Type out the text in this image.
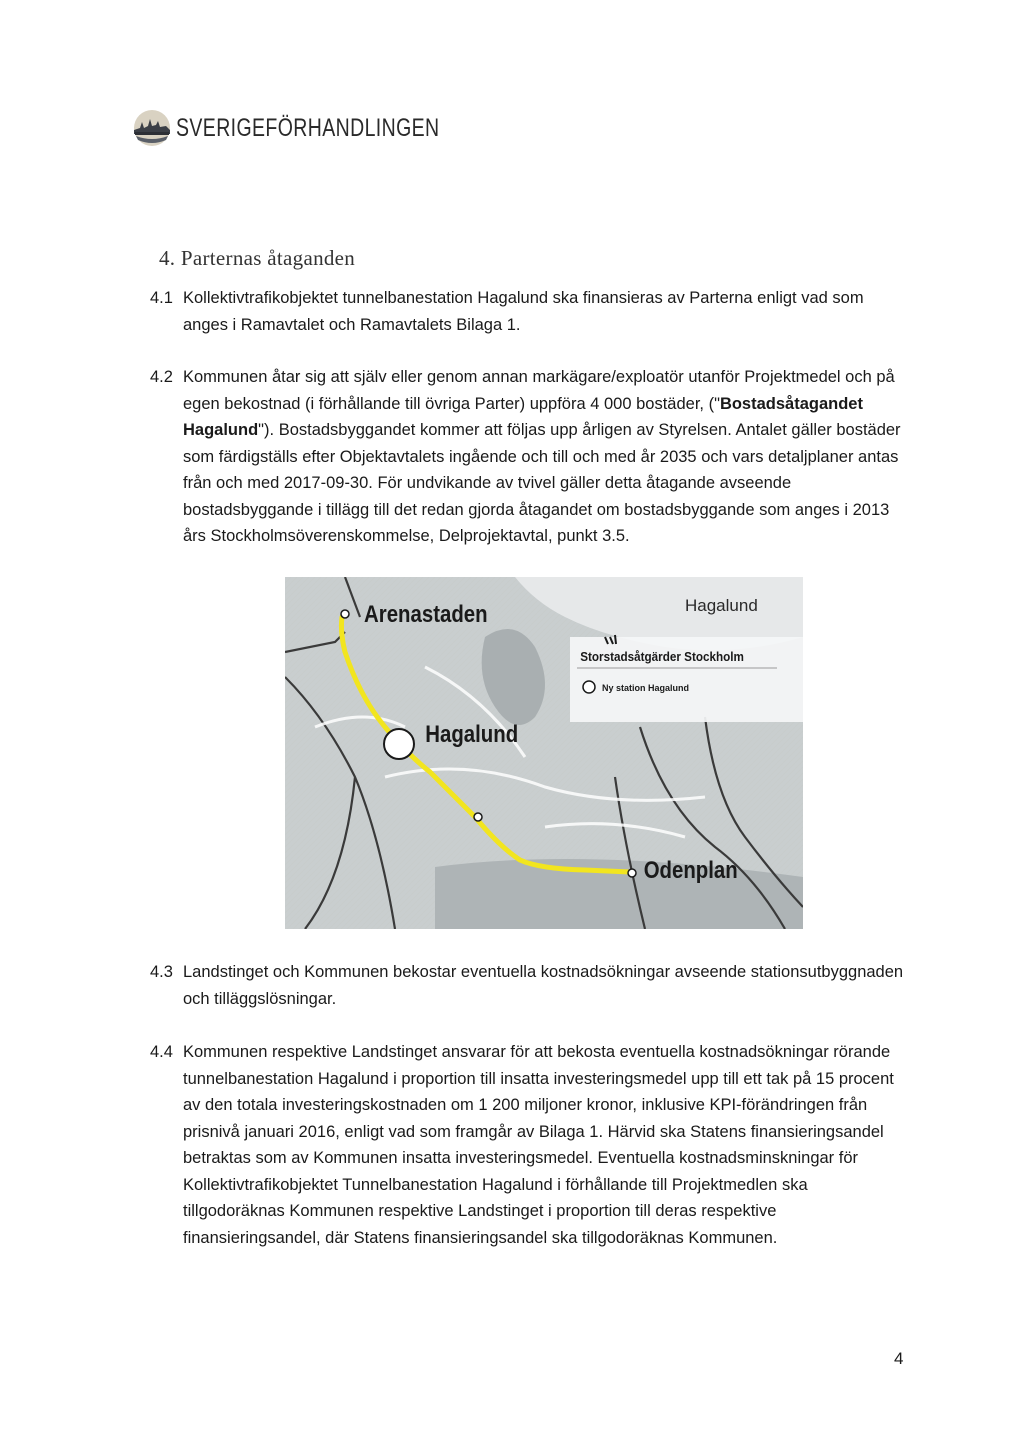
SVERIGEFÖRHANDLINGEN
4. Parternas åtaganden
4.1 Kollektivtrafikobjektet tunnelbanestation Hagalund ska finansieras av Parterna enligt vad som anges i Ramavtalet och Ramavtalets Bilaga 1.
4.2 Kommunen åtar sig att själv eller genom annan markägare/exploatör utanför Projektmedel och på egen bekostnad (i förhållande till övriga Parter) uppföra 4 000 bostäder, ("Bostadsåtagandet Hagalund"). Bostadsbyggandet kommer att följas upp årligen av Styrelsen. Antalet gäller bostäder som färdigställs efter Objektavtalets ingående och till och med år 2035 och vars detaljplaner antas från och med 2017-09-30. För undvikande av tvivel gäller detta åtagande avseende bostadsbyggande i tillägg till det redan gjorda åtagandet om bostadsbyggande som anges i 2013 års Stockholmsöverenskommelse, Delprojektavtal, punkt 3.5.
Arenastaden
Hagalund
Odenplan
Hagalund
Storstadsåtgärder Stockholm
Ny station Hagalund
4.3 Landstinget och Kommunen bekostar eventuella kostnadsökningar avseende stationsutbyggnaden och tilläggslösningar.
4.4 Kommunen respektive Landstinget ansvarar för att bekosta eventuella kostnadsökningar rörande tunnelbanestation Hagalund i proportion till insatta investeringsmedel upp till ett tak på 15 procent av den totala investeringskostnaden om 1 200 miljoner kronor, inklusive KPI-förändringen från prisnivå januari 2016, enligt vad som framgår av Bilaga 1. Härvid ska Statens finansieringsandel betraktas som av Kommunen insatta investeringsmedel. Eventuella kostnadsminskningar för Kollektivtrafikobjektet Tunnelbanestation Hagalund i förhållande till Projektmedlen ska tillgodoräknas Kommunen respektive Landstinget i proportion till deras respektive finansieringsandel, där Statens finansieringsandel ska tillgodoräknas Kommunen.

4
